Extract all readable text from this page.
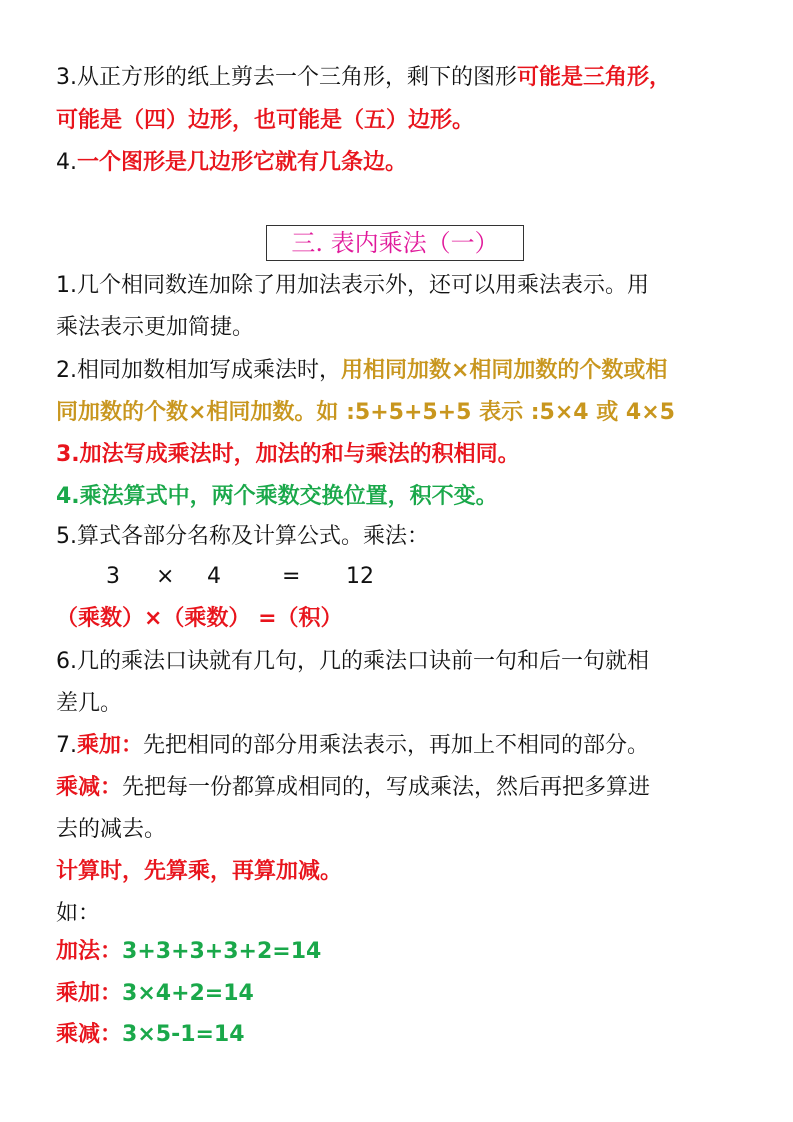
3.从正方形的纸上剪去一个三角形，剩下的图形可能是三角形，
可能是（四）边形，也可能是（五）边形。
4.一个图形是几边形它就有几条边。
三. 表内乘法（一）
1.几个相同数连加除了用加法表示外，还可以用乘法表示。用
乘法表示更加简捷。
2.相同加数相加写成乘法时，用相同加数×相同加数的个数或相
同加数的个数×相同加数。如 :5+5+5+5 表示 :5×4 或 4×5
3.加法写成乘法时，加法的和与乘法的积相同。
4.乘法算式中，两个乘数交换位置，积不变。
5.算式各部分名称及计算公式。乘法：
3 × 4	= 12
（乘数）×（乘数） =（积）
6.几的乘法口诀就有几句，几的乘法口诀前一句和后一句就相
差几。
7.乘加：先把相同的部分用乘法表示，再加上不相同的部分。
乘减：先把每一份都算成相同的，写成乘法，然后再把多算进
去的减去。
计算时，先算乘，再算加减。
如：
加法：3+3+3+3+2=14
乘加：3×4+2=14
乘减：3×5-1=14
